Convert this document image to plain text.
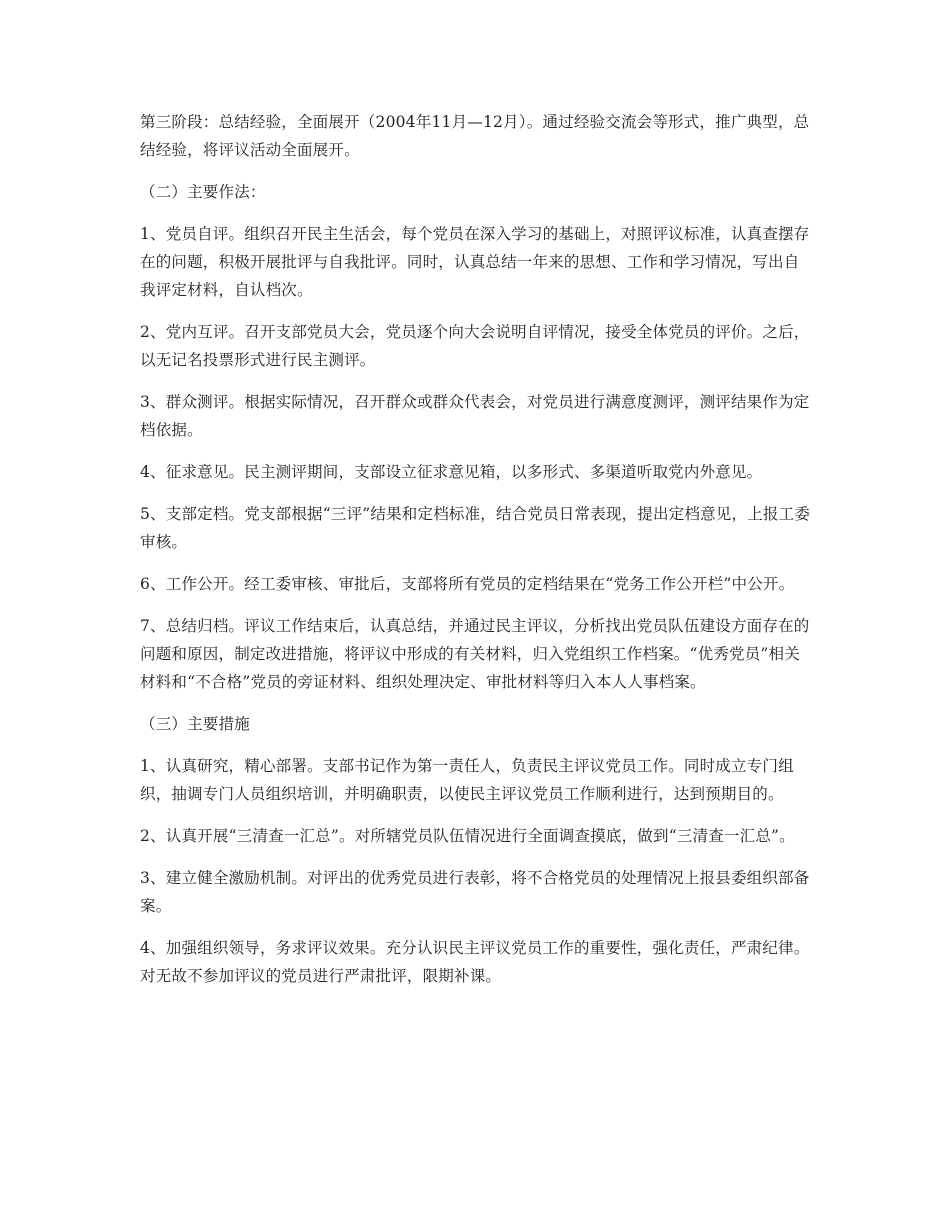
第三阶段：总结经验，全面展开（2004年11月—12月）。通过经验交流会等形式，推广典型，总结经验，将评议活动全面展开。

（二）主要作法：

1、党员自评。组织召开民主生活会，每个党员在深入学习的基础上，对照评议标准，认真查摆存在的问题，积极开展批评与自我批评。同时，认真总结一年来的思想、工作和学习情况，写出自我评定材料，自认档次。

2、党内互评。召开支部党员大会，党员逐个向大会说明自评情况，接受全体党员的评价。之后，以无记名投票形式进行民主测评。

3、群众测评。根据实际情况，召开群众或群众代表会，对党员进行满意度测评，测评结果作为定档依据。

4、征求意见。民主测评期间，支部设立征求意见箱，以多形式、多渠道听取党内外意见。

5、支部定档。党支部根据“三评”结果和定档标准，结合党员日常表现，提出定档意见，上报工委审核。

6、工作公开。经工委审核、审批后，支部将所有党员的定档结果在“党务工作公开栏”中公开。

7、总结归档。评议工作结束后，认真总结，并通过民主评议，分析找出党员队伍建设方面存在的问题和原因，制定改进措施，将评议中形成的有关材料，归入党组织工作档案。“优秀党员”相关材料和“不合格”党员的旁证材料、组织处理决定、审批材料等归入本人人事档案。

（三）主要措施

1、认真研究，精心部署。支部书记作为第一责任人，负责民主评议党员工作。同时成立专门组织，抽调专门人员组织培训，并明确职责，以使民主评议党员工作顺利进行，达到预期目的。

2、认真开展“三清查一汇总”。对所辖党员队伍情况进行全面调查摸底，做到“三清查一汇总”。

3、建立健全激励机制。对评出的优秀党员进行表彰，将不合格党员的处理情况上报县委组织部备案。

4、加强组织领导，务求评议效果。充分认识民主评议党员工作的重要性，强化责任，严肃纪律。对无故不参加评议的党员进行严肃批评，限期补课。
